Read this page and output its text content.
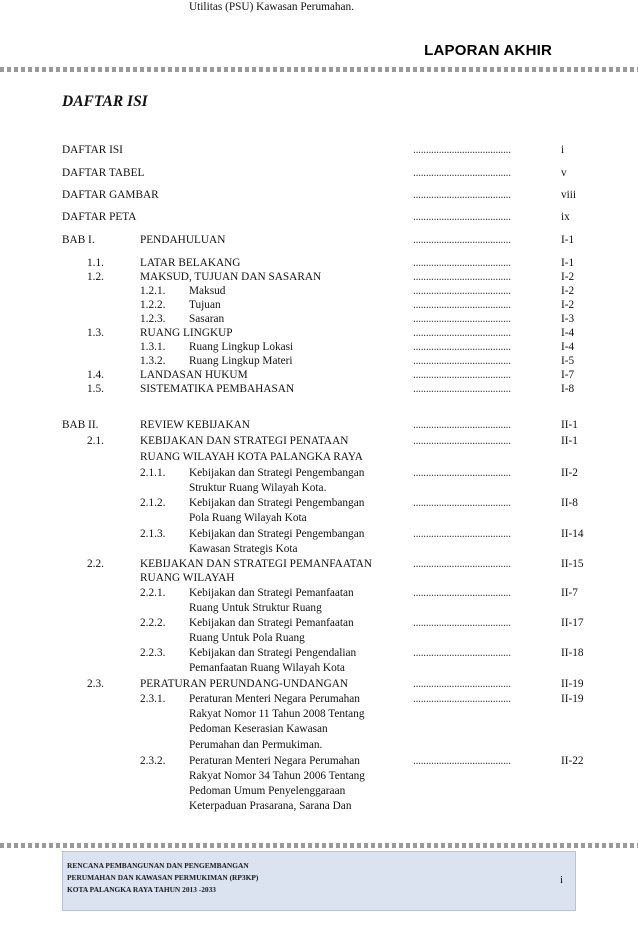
LAPORAN AKHIR
DAFTAR ISI
DAFTAR ISI	......................................	i
DAFTAR TABEL	......................................	v
DAFTAR GAMBAR	......................................	viii
DAFTAR PETA	......................................	ix
BAB I.	PENDAHULUAN	......................................	I-1
1.1.	LATAR BELAKANG	......................................	I-1
1.2.	MAKSUD, TUJUAN DAN SASARAN	......................................	I-2
1.2.1. Maksud	......................................	I-2
1.2.2. Tujuan	......................................	I-2
1.2.3. Sasaran	......................................	I-3
1.3.	RUANG LINGKUP	......................................	I-4
1.3.1. Ruang Lingkup Lokasi	......................................	I-4
1.3.2. Ruang Lingkup Materi	......................................	I-5
1.4.	LANDASAN HUKUM	......................................	I-7
1.5.	SISTEMATIKA PEMBAHASAN	......................................	I-8
BAB II.	REVIEW KEBIJAKAN	......................................	II-1
2.1.	KEBIJAKAN DAN STRATEGI PENATAAN	......................................	II-1
RUANG WILAYAH KOTA PALANGKA RAYA
2.1.1. Kebijakan dan Strategi Pengembangan	......................................	II-2
Struktur Ruang Wilayah Kota.
2.1.2. Kebijakan dan Strategi Pengembangan	......................................	II-8
Pola Ruang Wilayah Kota
2.1.3. Kebijakan dan Strategi Pengembangan	......................................	II-14
Kawasan Strategis Kota
2.2.	KEBIJAKAN DAN STRATEGI PEMANFAATAN	......................................	II-15
RUANG WILAYAH
2.2.1. Kebijakan dan Strategi Pemanfaatan	......................................	II-7
Ruang Untuk Struktur Ruang
2.2.2. Kebijakan dan Strategi Pemanfaatan	......................................	II-17
Ruang Untuk Pola Ruang
2.2.3. Kebijakan dan Strategi Pengendalian	......................................	II-18
Pemanfaatan Ruang Wilayah Kota
2.3.	PERATURAN PERUNDANG-UNDANGAN	......................................	II-19
2.3.1. Peraturan Menteri Negara Perumahan	......................................	II-19
Rakyat Nomor 11 Tahun 2008 Tentang
Pedoman Keserasian Kawasan
Perumahan dan Permukiman.
2.3.2. Peraturan Menteri Negara Perumahan	......................................	II-22
Rakyat Nomor 34 Tahun 2006 Tentang
Pedoman Umum Penyelenggaraan
Keterpaduan Prasarana, Sarana Dan
Utilitas (PSU) Kawasan Perumahan.
RENCANA PEMBANGUNAN DAN PENGEMBANGAN
PERUMAHAN DAN KAWASAN PERMUKIMAN (RP3KP)
KOTA PALANGKA RAYA TAHUN 2013 -2033
i
